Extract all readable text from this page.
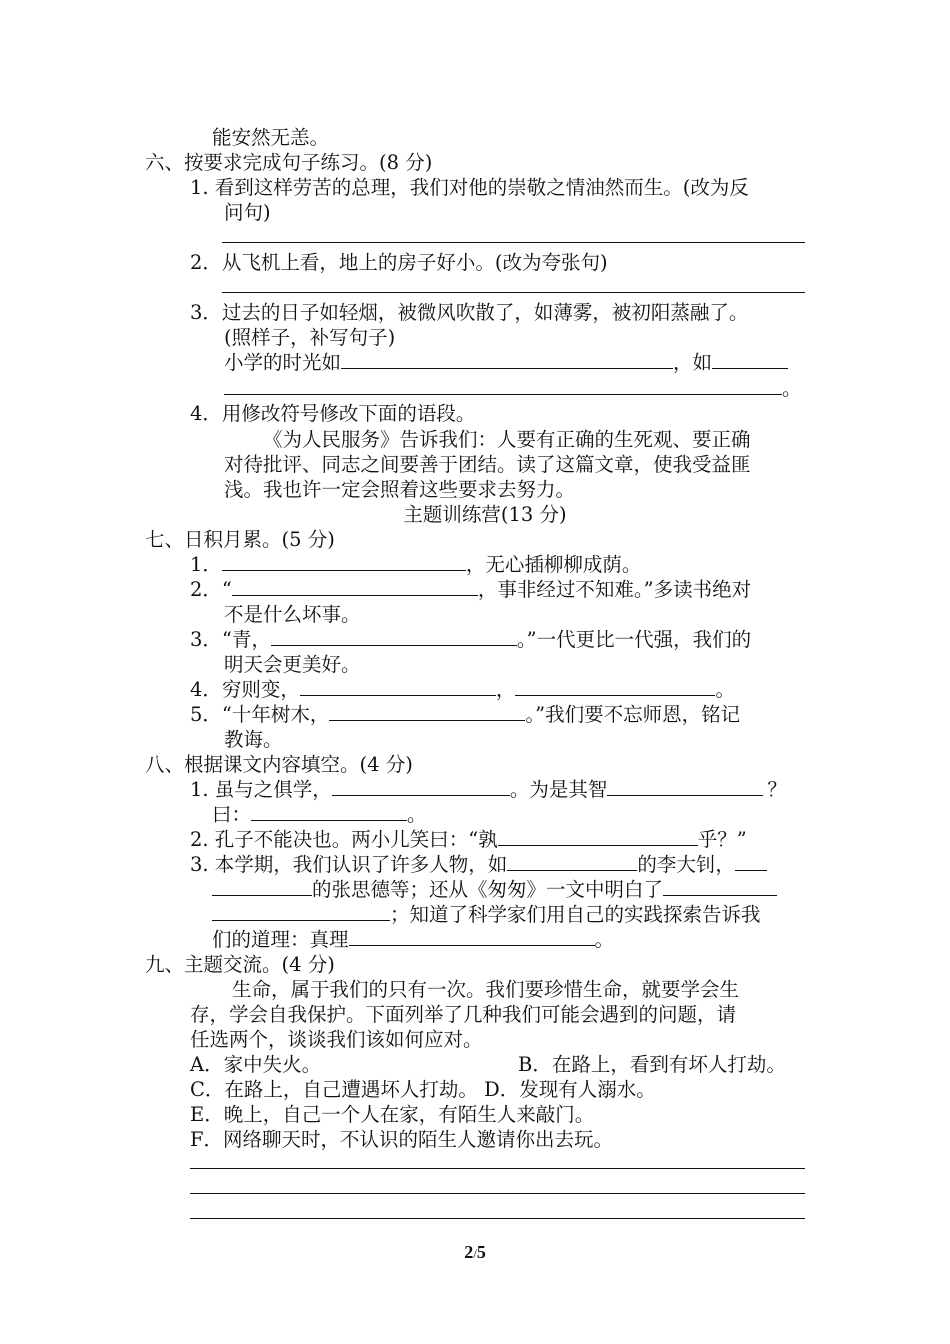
能安然无恙。
六、按要求完成句子练习。(8 分)
1. 看到这样劳苦的总理，我们对他的崇敬之情油然而生。(改为反
问句)
2．从飞机上看，地上的房子好小。(改为夸张句)
3．过去的日子如轻烟，被微风吹散了，如薄雾，被初阳蒸融了。
(照样子，补写句子)
小学的时光如	，如
。
4．用修改符号修改下面的语段。
《为人民服务》告诉我们：人要有正确的生死观、要正确
对待批评、同志之间要善于团结。读了这篇文章，使我受益匪
浅。我也许一定会照着这些要求去努力。
主题训练营(13 分)
七、日积月累。(5 分)
1．	，无心插柳柳成荫。
2．“	，事非经过不知难。”多读书绝对
不是什么坏事。
3．“青，	。”一代更比一代强，我们的
明天会更美好。
4．穷则变，	，	。
5．“十年树木，	。”我们要不忘师恩，铭记
教诲。
八、根据课文内容填空。(4 分)
1. 虽与之俱学，	。为是其智	？
曰：	。
2. 孔子不能决也。两小儿笑曰：“孰	乎？”
3. 本学期，我们认识了许多人物，如	的李大钊，
的张思德等；还从《匆匆》一文中明白了
；知道了科学家们用自己的实践探索告诉我
们的道理：真理	。
九、主题交流。(4 分)
生命，属于我们的只有一次。我们要珍惜生命，就要学会生
存，学会自我保护。下面列举了几种我们可能会遇到的问题，请
任选两个，谈谈我们该如何应对。
A．家中失火。	B．在路上，看到有坏人打劫。
C．在路上，自己遭遇坏人打劫。 D．发现有人溺水。
E．晚上，自己一个人在家，有陌生人来敲门。
F．网络聊天时，不认识的陌生人邀请你出去玩。
2/5
